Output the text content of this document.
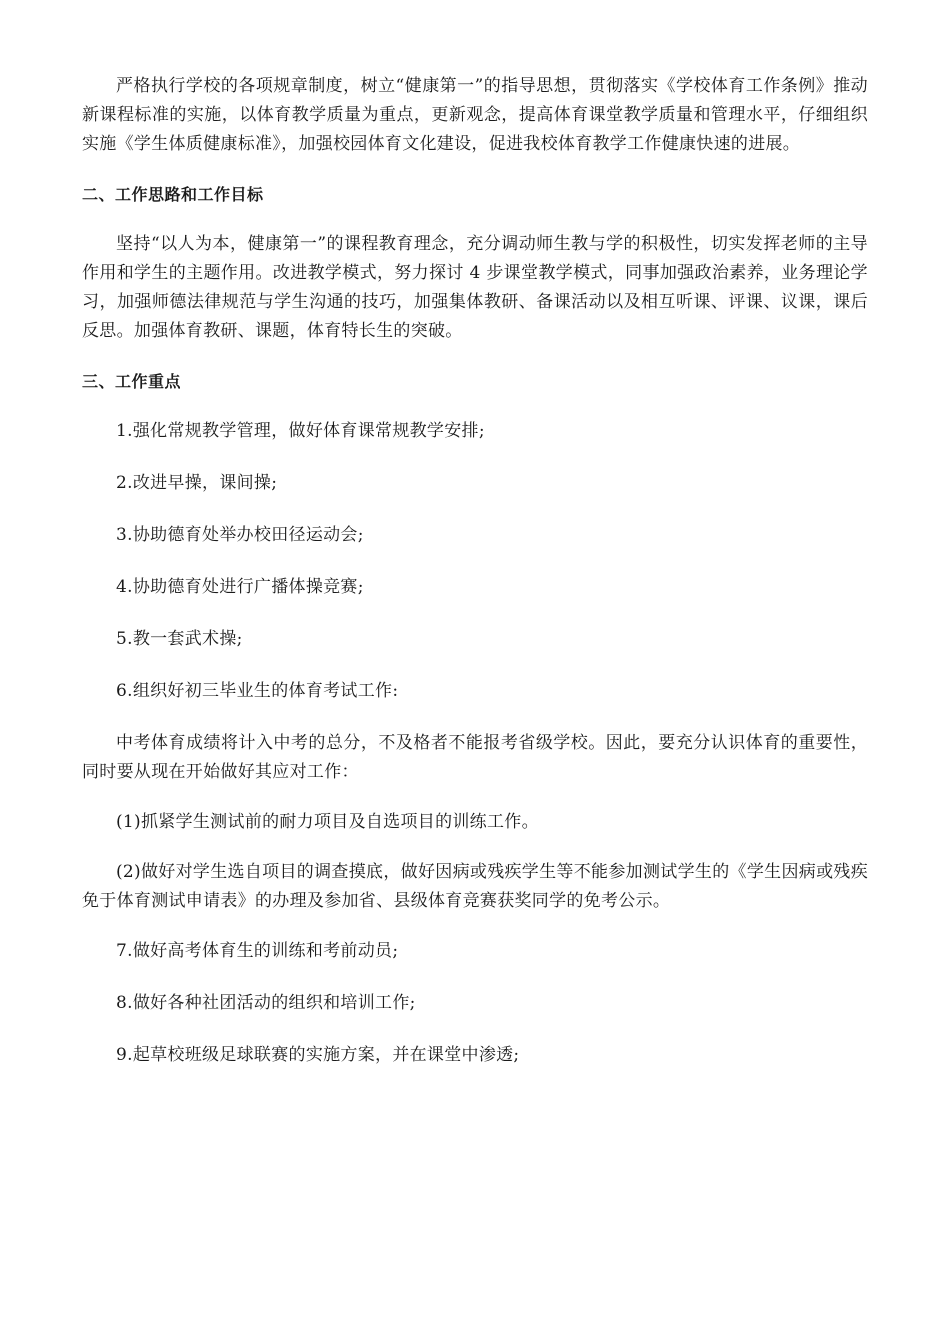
严格执行学校的各项规章制度，树立“健康第一”的指导思想，贯彻落实《学校体育工作条例》推动新课程标准的实施，以体育教学质量为重点，更新观念，提高体育课堂教学质量和管理水平，仔细组织实施《学生体质健康标准》，加强校园体育文化建设，促进我校体育教学工作健康快速的进展。

二、工作思路和工作目标

坚持“以人为本，健康第一”的课程教育理念，充分调动师生教与学的积极性，切实发挥老师的主导作用和学生的主题作用。改进教学模式，努力探讨 4 步课堂教学模式，同事加强政治素养，业务理论学习，加强师德法律规范与学生沟通的技巧，加强集体教研、备课活动以及相互听课、评课、议课，课后反思。加强体育教研、课题，体育特长生的突破。

三、工作重点
1.强化常规教学管理，做好体育课常规教学安排;
2.改进早操，课间操;
3.协助德育处举办校田径运动会;
4.协助德育处进行广播体操竞赛;
5.教一套武术操;
6.组织好初三毕业生的体育考试工作:

中考体育成绩将计入中考的总分，不及格者不能报考省级学校。因此，要充分认识体育的重要性，同时要从现在开始做好其应对工作：

(1)抓紧学生测试前的耐力项目及自选项目的训练工作。

(2)做好对学生选自项目的调查摸底，做好因病或残疾学生等不能参加测试学生的《学生因病或残疾免于体育测试申请表》的办理及参加省、县级体育竞赛获奖同学的免考公示。

7.做好高考体育生的训练和考前动员;
8.做好各种社团活动的组织和培训工作;
9.起草校班级足球联赛的实施方案，并在课堂中渗透;
